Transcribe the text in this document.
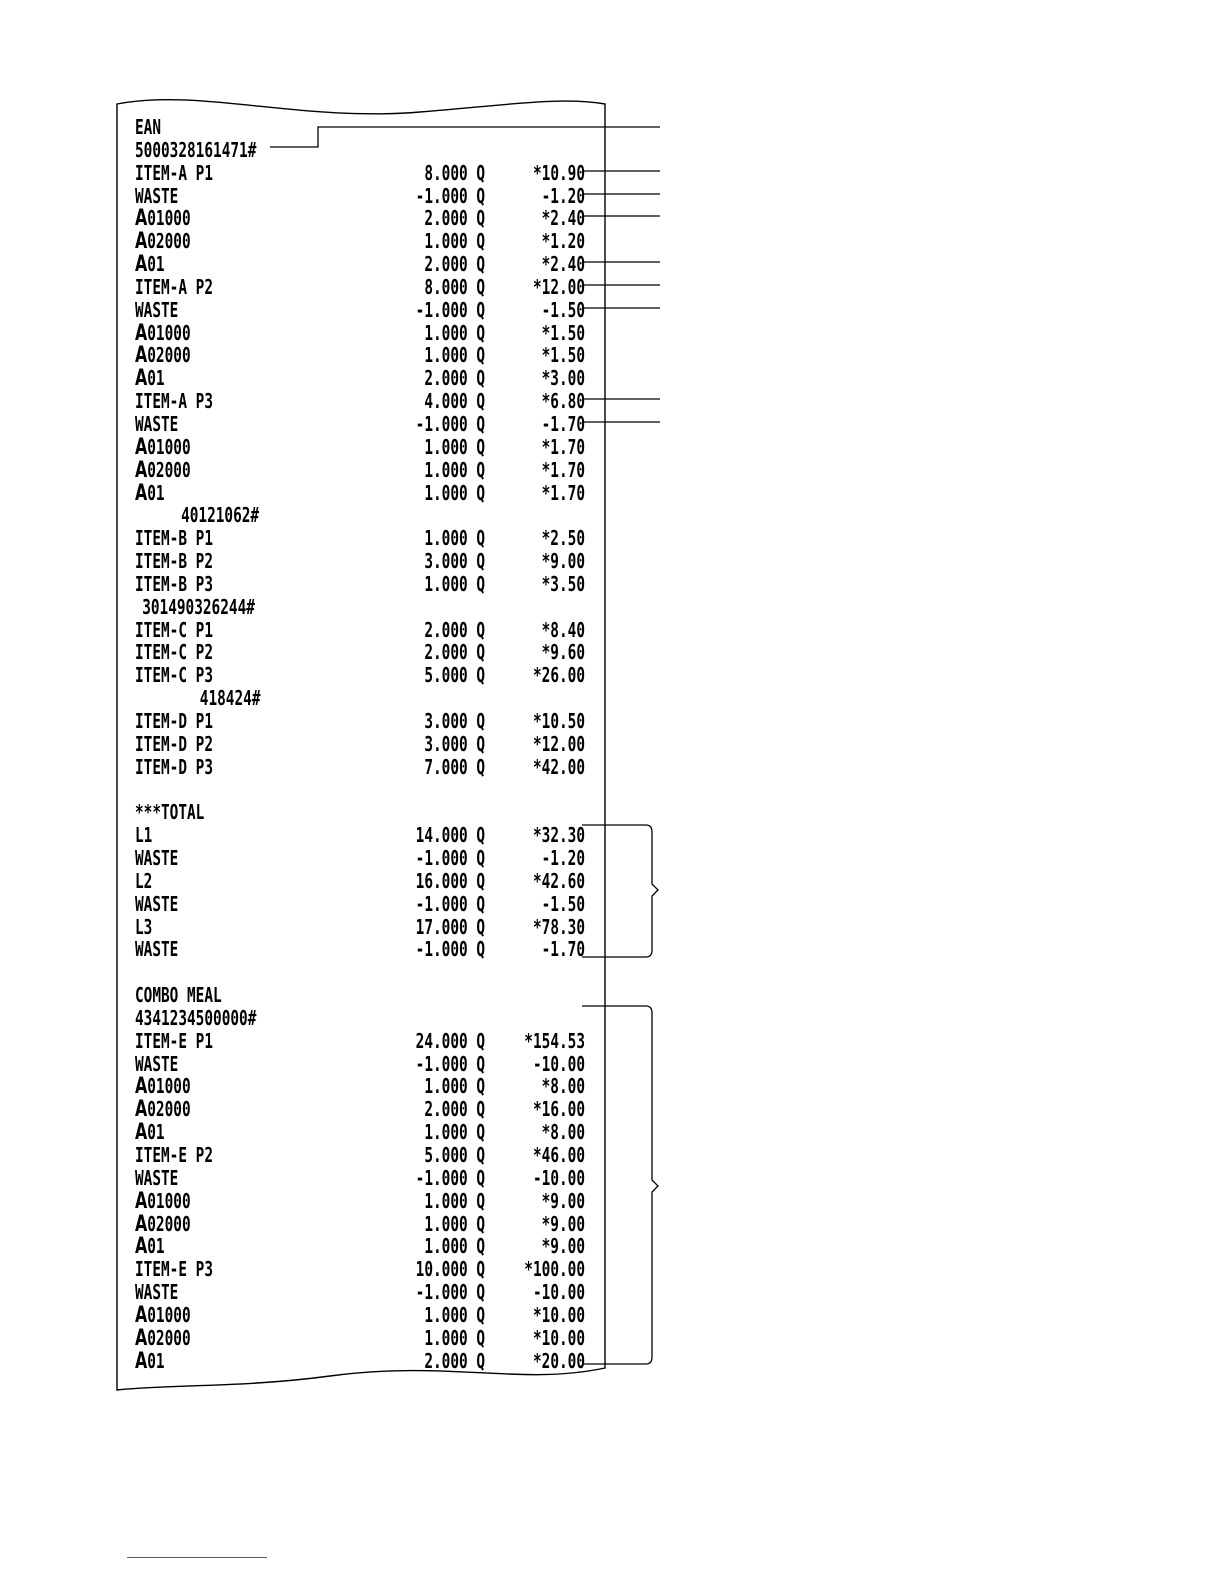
EAN
5000328161471#
ITEM-A P1	8.000 Q *10.90
WASTE	-1.000 Q	-1.20
A01000	2.000 Q	*2.40
A02000	1.000 Q	*1.20
A01	2.000 Q	*2.40
ITEM-A P2	8.000 Q *12.00
WASTE	-1.000 Q	-1.50
A01000	1.000 Q	*1.50
A02000	1.000 Q	*1.50
A01	2.000 Q	*3.00
ITEM-A P3	4.000 Q	*6.80
WASTE	-1.000 Q	-1.70
A01000	1.000 Q	*1.70
A02000	1.000 Q	*1.70
A01	1.000 Q	*1.70
40121062#
ITEM-B P1	1.000 Q	*2.50
ITEM-B P2	3.000 Q	*9.00
ITEM-B P3	1.000 Q	*3.50
301490326244#
ITEM-C P1	2.000 Q	*8.40
ITEM-C P2	2.000 Q	*9.60
ITEM-C P3	5.000 Q *26.00
418424#
ITEM-D P1	3.000 Q *10.50
ITEM-D P2	3.000 Q *12.00
ITEM-D P3	7.000 Q *42.00
***TOTAL
L1	14.000 Q *32.30
WASTE	-1.000 Q	-1.20
L2	16.000 Q *42.60
WASTE	-1.000 Q	-1.50
L3	17.000 Q *78.30
WASTE	-1.000 Q	-1.70
COMBO MEAL
4341234500000#
ITEM-E P1	24.000 Q *154.53
WASTE	-1.000 Q -10.00
A01000	1.000 Q	*8.00
A02000	2.000 Q *16.00
A01	1.000 Q	*8.00
ITEM-E P2	5.000 Q *46.00
WASTE	-1.000 Q -10.00
A01000	1.000 Q	*9.00
A02000	1.000 Q	*9.00
A01	1.000 Q	*9.00
ITEM-E P3	10.000 Q *100.00
WASTE	-1.000 Q -10.00
A01000	1.000 Q *10.00
A02000	1.000 Q *10.00
A01	2.000 Q *20.00
